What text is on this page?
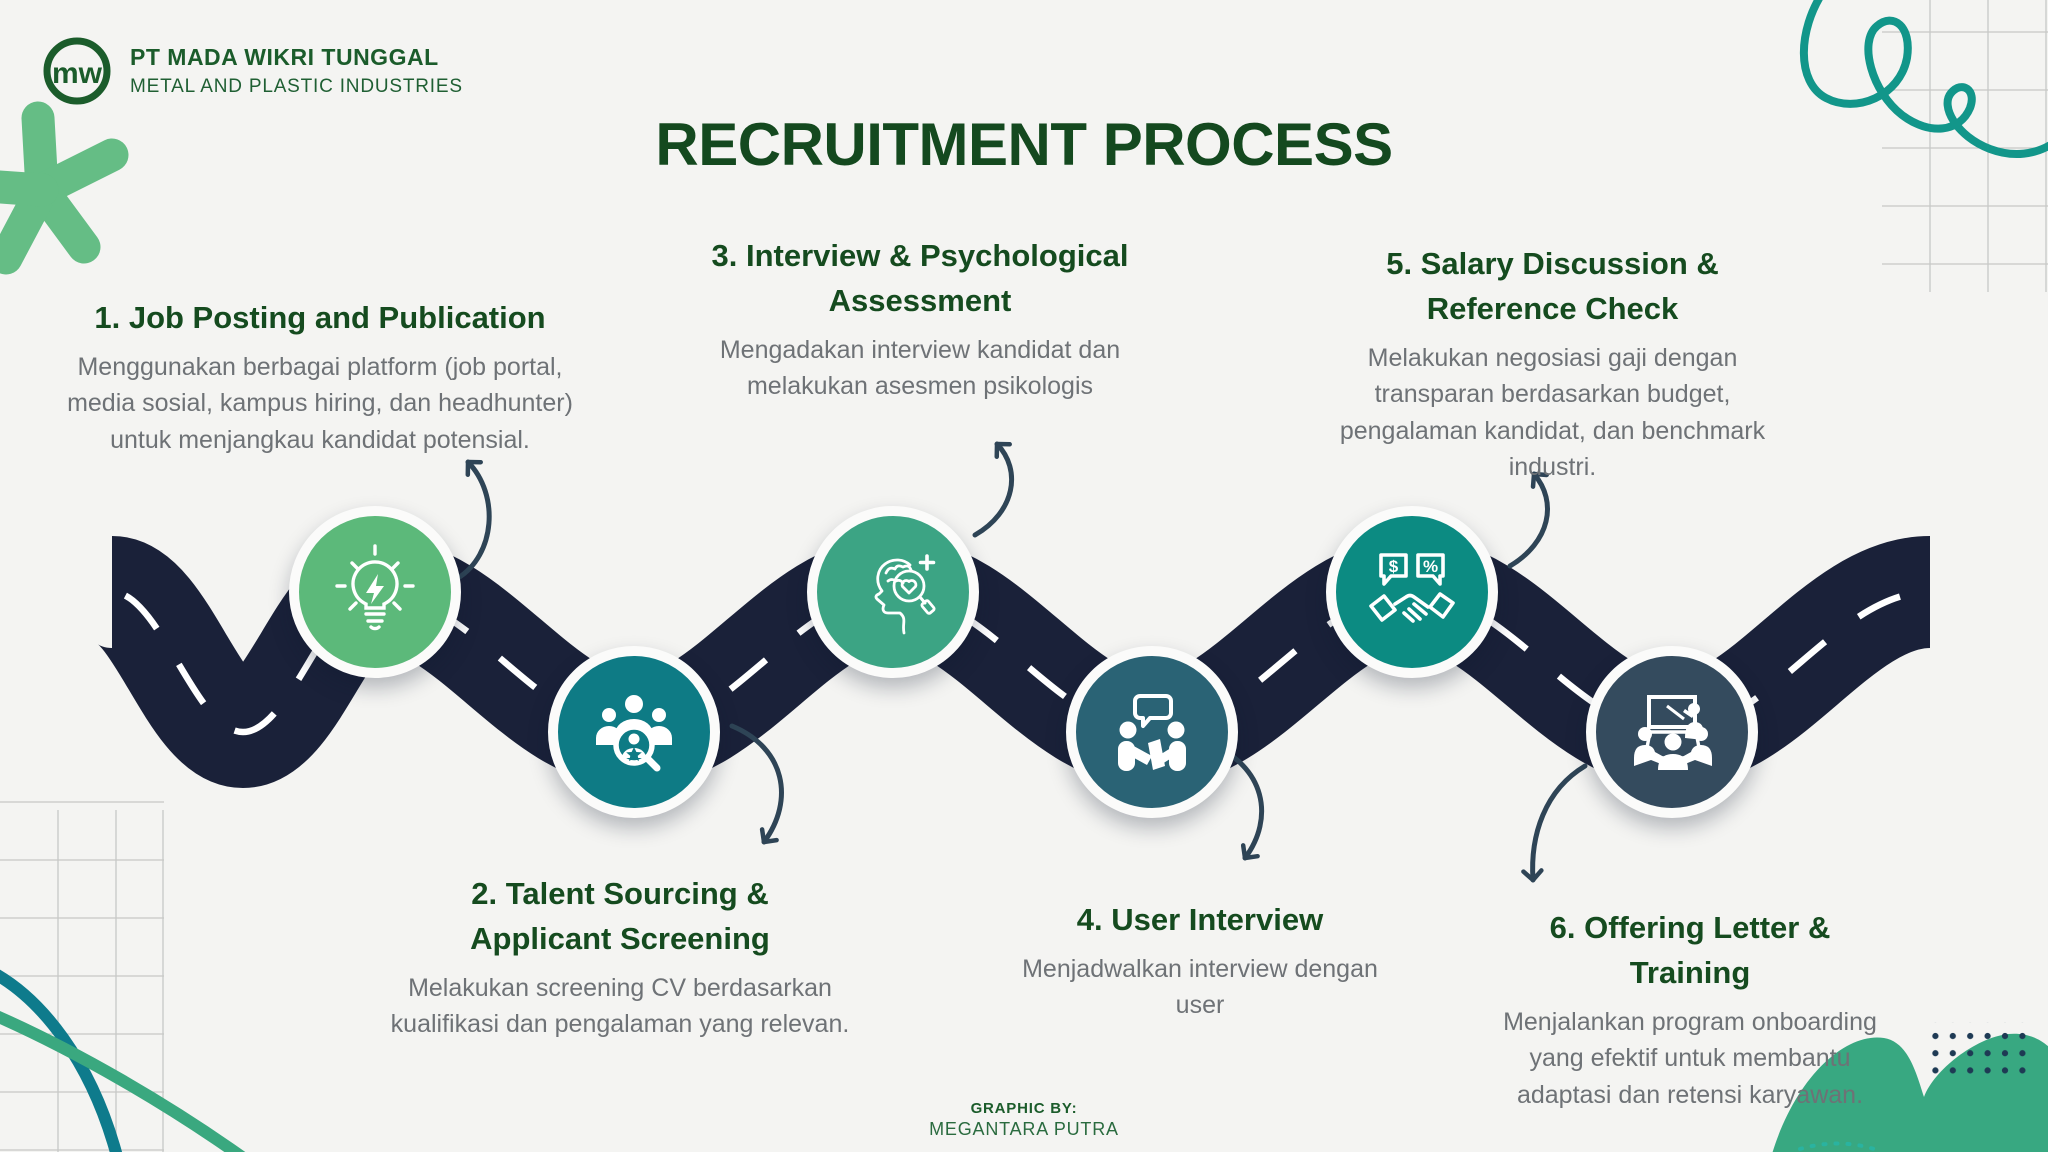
mw PT MADA WIKRI TUNGGAL
METAL AND PLASTIC INDUSTRIES
RECRUITMENT PROCESS
1. Job Posting and Publication

Menggunakan berbagai platform (job portal, media sosial, kampus hiring, dan headhunter) untuk menjangkau kandidat potensial.

3. Interview & Psychological Assessment

Mengadakan interview kandidat dan melakukan asesmen psikologis

5. Salary Discussion & Reference Check

Melakukan negosiasi gaji dengan transparan berdasarkan budget, pengalaman kandidat, dan benchmark industri.

2. Talent Sourcing & Applicant Screening

Melakukan screening CV berdasarkan kualifikasi dan pengalaman yang relevan.

4. User Interview

Menjadwalkan interview dengan user

6. Offering Letter & Training

Menjalankan program onboarding yang efektif untuk membantu adaptasi dan retensi karyawan.

$ %
GRAPHIC BY:
MEGANTARA PUTRA
